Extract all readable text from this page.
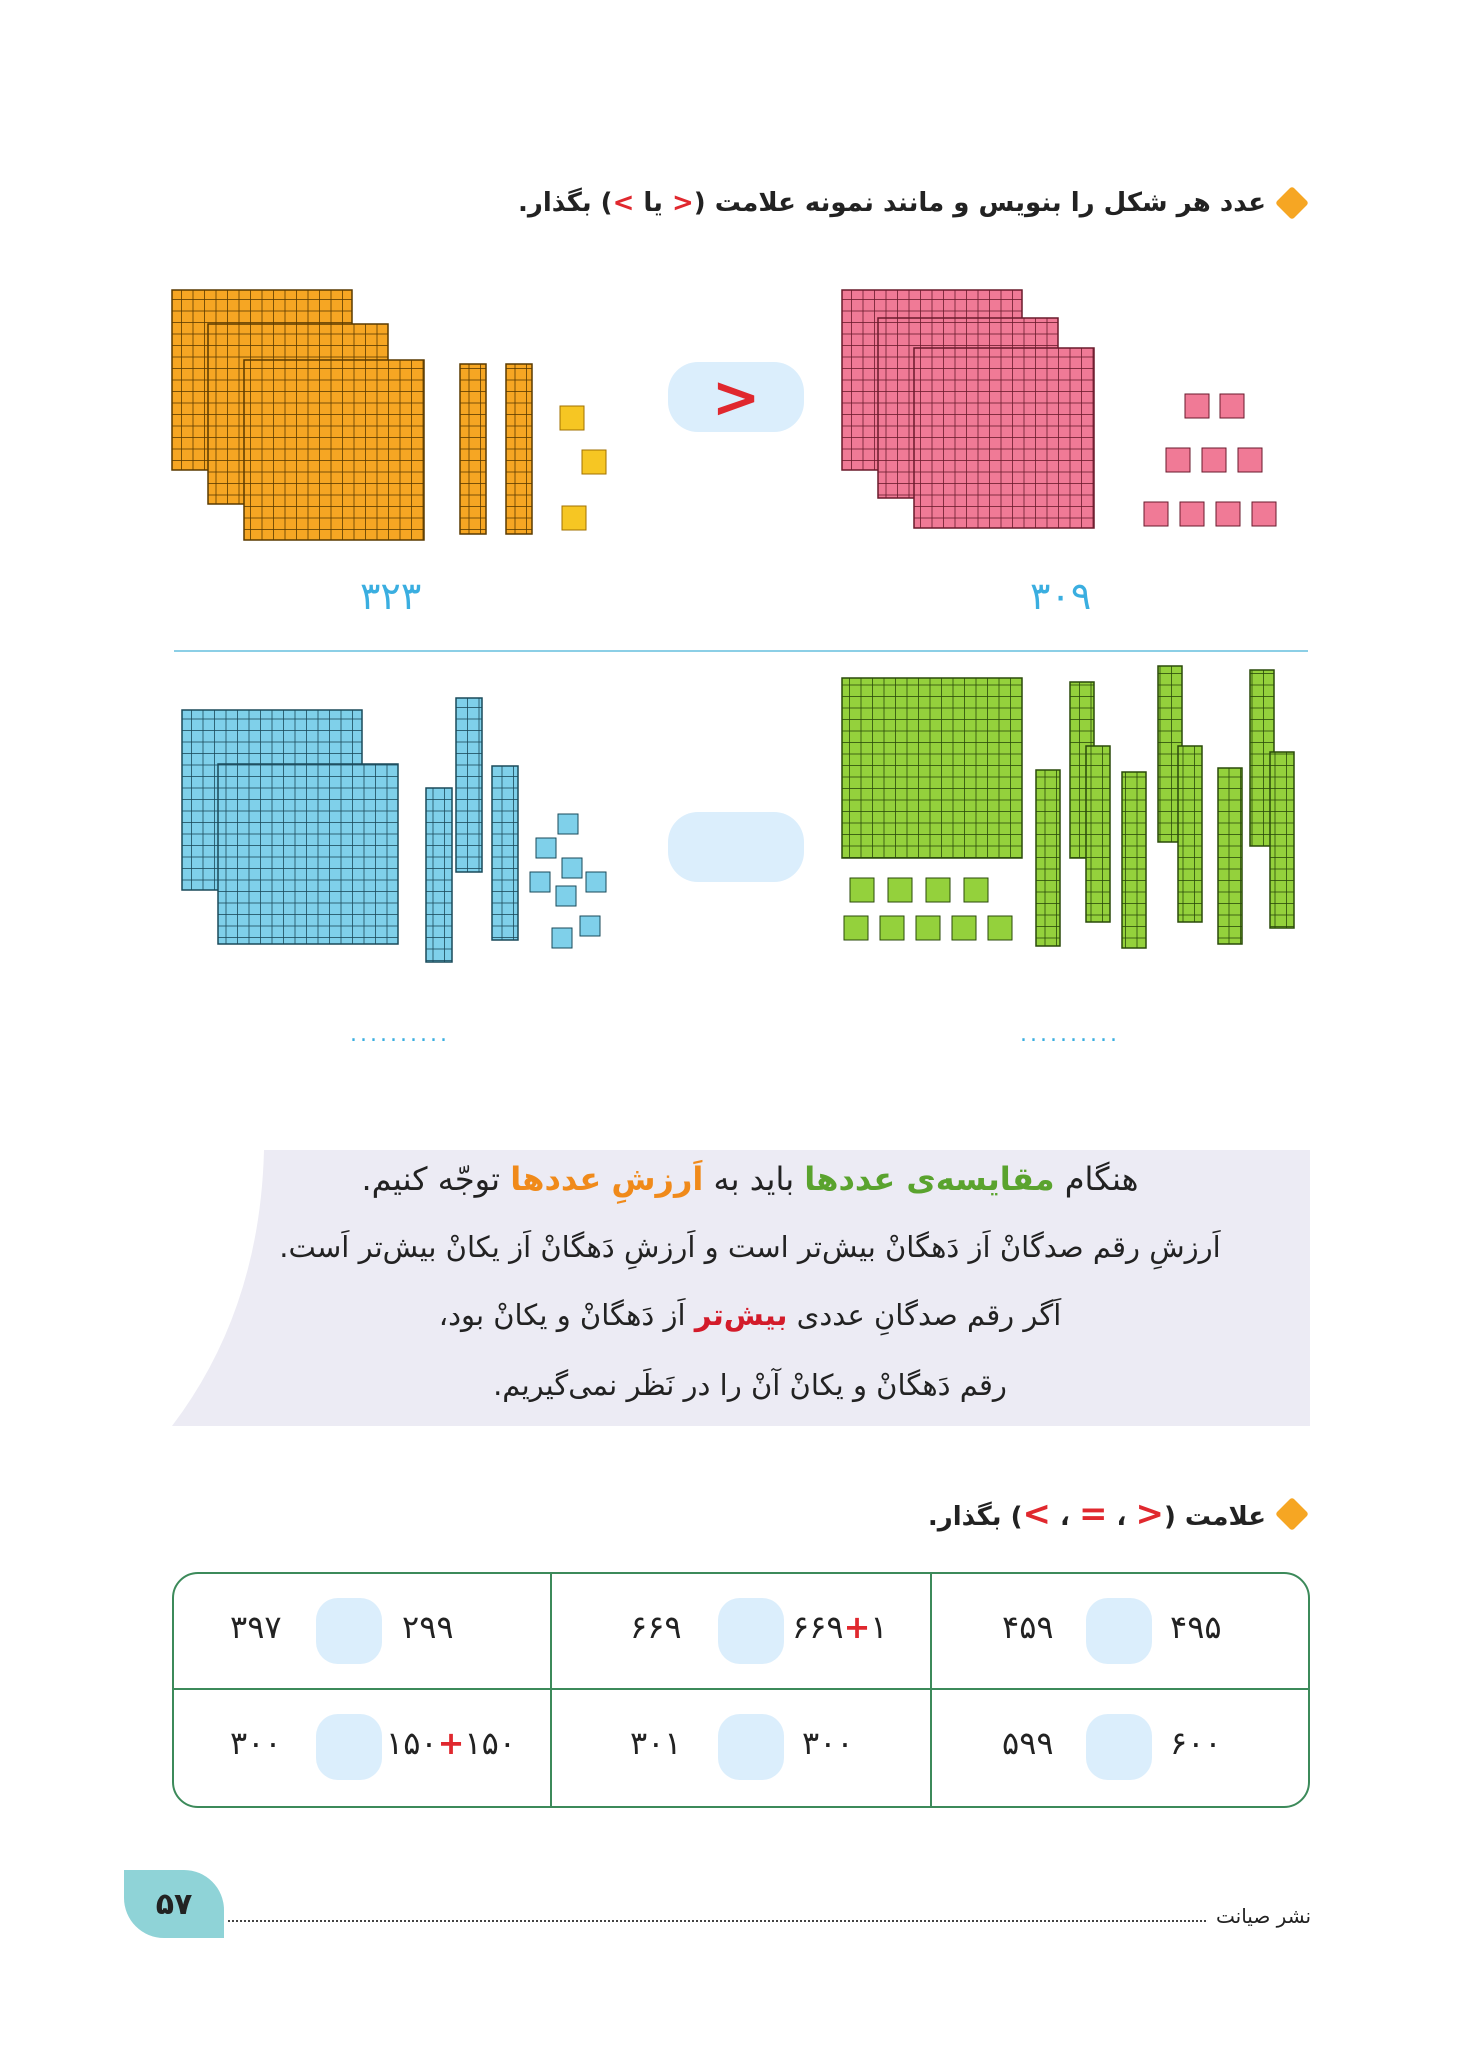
عدد هر شکل را بنویس و مانند نمونه علامت (< یا >) بگذار.
۳۲۳
>
۳۰۹
..........	..........
هنگام مقایسه‌ی عددها باید به اَرزشِ عددها توجّه کنیم.
اَرزشِ رقم صدگانْ اَز دَهگانْ بیش‌تر است و اَرزشِ دَهگانْ اَز یکانْ بیش‌تر اَست.
اَگر رقم صدگانِ عددی بیش‌تر اَز دَهگانْ و یکانْ بود،
رقم دَهگانْ و یکانْ آنْ را در نَظَر نمی‌گیریم.
علامت (< ، = ، >) بگذار.
۴۵۹	۴۹۵
۶۶۹	۶۶۹+۱
۳۹۷	۲۹۹
۵۹۹	۶۰۰
۳۰۱	۳۰۰
۳۰۰	۱۵۰+۱۵۰
۵۷	نشر صیانت
